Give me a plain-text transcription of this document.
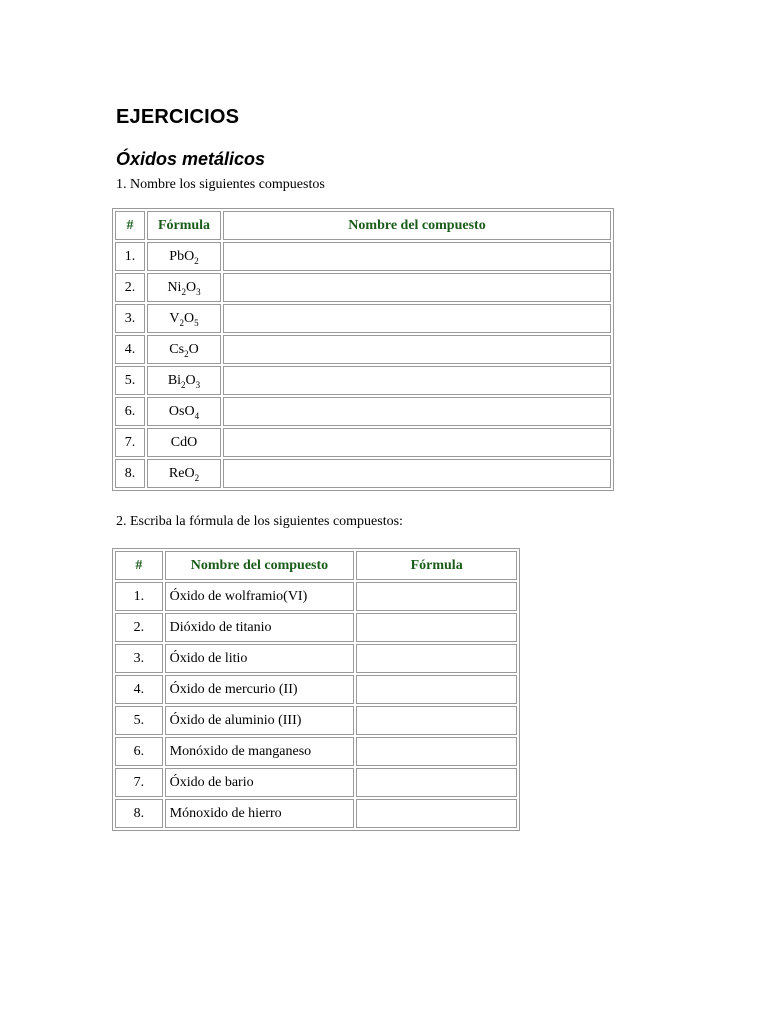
EJERCICIOS
Óxidos metálicos

1. Nombre los siguientes compuestos

#	Fórmula	Nombre del compuesto
1.	PbO$_2$	
2.	$Ni_2O_3$	
3.	$V_2O_5$	
4.	$Cs_2O$	
5.	$Bi_2O_3$	
6.	OsO$_4$	
7.	CdO	
8.	ReO$_2$	

2. Escriba la fórmula de los siguientes compuestos:

#	Nombre del compuesto	Fórmula
1.	Óxido de wolframio(VI)	
2.	Dióxido de titanio	
3.	Óxido de litio	
4.	Óxido de mercurio (II)	
5.	Óxido de aluminio (III)	
6.	Monóxido de manganeso	
7.	Óxido de bario	
8.	Mónoxido de hierro	
